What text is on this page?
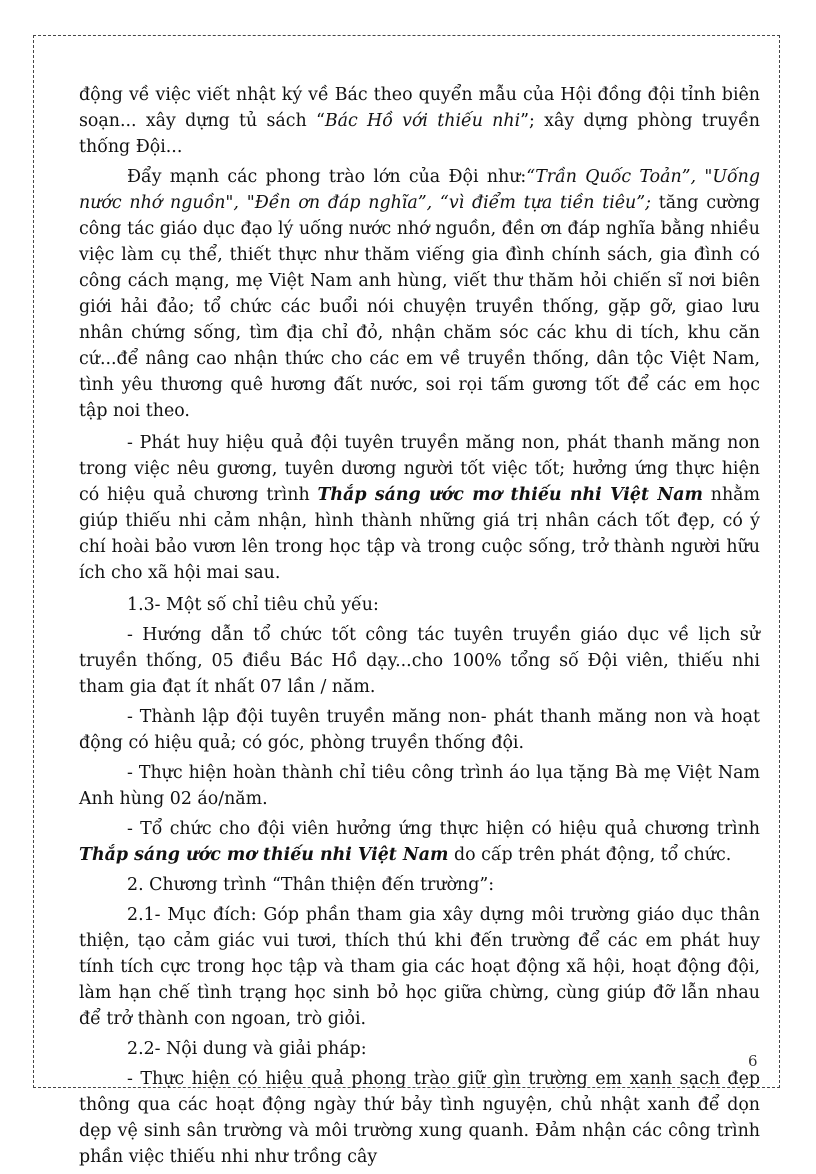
động về việc viết nhật ký về Bác theo quyển mẫu của Hội đồng đội tỉnh biên soạn... xây dựng tủ sách “Bác Hồ với thiếu nhi”; xây dựng phòng truyền thống Đội...

Đẩy mạnh các phong trào lớn của Đội như:“Trần Quốc Toản”, "Uống nước nhớ nguồn", "Đền ơn đáp nghĩa”, “vì điểm tựa tiền tiêu”; tăng cường công tác giáo dục đạo lý uống nước nhớ nguồn, đền ơn đáp nghĩa bằng nhiều việc làm cụ thể, thiết thực như thăm viếng gia đình chính sách, gia đình có công cách mạng, mẹ Việt Nam anh hùng, viết thư thăm hỏi chiến sĩ nơi biên giới hải đảo; tổ chức các buổi nói chuyện truyền thống, gặp gỡ, giao lưu nhân chứng sống, tìm địa chỉ đỏ, nhận chăm sóc các khu di tích, khu căn cứ...để nâng cao nhận thức cho các em về truyền thống, dân tộc Việt Nam, tình yêu thương quê hương đất nước, soi rọi tấm gương tốt để các em học tập noi theo.

- Phát huy hiệu quả đội tuyên truyền măng non, phát thanh măng non trong việc nêu gương, tuyên dương người tốt việc tốt; hưởng ứng thực hiện có hiệu quả chương trình Thắp sáng ước mơ thiếu nhi Việt Nam nhằm giúp thiếu nhi cảm nhận, hình thành những giá trị nhân cách tốt đẹp, có ý chí hoài bảo vươn lên trong học tập và trong cuộc sống, trở thành người hữu ích cho xã hội mai sau.

1.3- Một số chỉ tiêu chủ yếu:

- Hướng dẫn tổ chức tốt công tác tuyên truyền giáo dục về lịch sử truyền thống, 05 điều Bác Hồ dạy...cho 100% tổng số Đội viên, thiếu nhi tham gia đạt ít nhất 07 lần / năm.

- Thành lập đội tuyên truyền măng non- phát thanh măng non và hoạt động có hiệu quả; có góc, phòng truyền thống đội.

- Thực hiện hoàn thành chỉ tiêu công trình áo lụa tặng Bà mẹ Việt Nam Anh hùng 02 áo/năm.

- Tổ chức cho đội viên hưởng ứng thực hiện có hiệu quả chương trình Thắp sáng ước mơ thiếu nhi Việt Nam do cấp trên phát động, tổ chức.

2. Chương trình “Thân thiện đến trường”:

2.1- Mục đích: Góp phần tham gia xây dựng môi trường giáo dục thân thiện, tạo cảm giác vui tươi, thích thú khi đến trường để các em phát huy tính tích cực trong học tập và tham gia các hoạt động xã hội, hoạt động đội, làm hạn chế tình trạng học sinh bỏ học giữa chừng, cùng giúp đỡ lẫn nhau để trở thành con ngoan, trò giỏi.

2.2- Nội dung và giải pháp:

- Thực hiện có hiệu quả phong trào giữ gìn trường em xanh sạch đẹp thông qua các hoạt động ngày thứ bảy tình nguyện, chủ nhật xanh để dọn dẹp vệ sinh sân trường và môi trường xung quanh. Đảm nhận các công trình phần việc thiếu nhi như trồng cây

6
